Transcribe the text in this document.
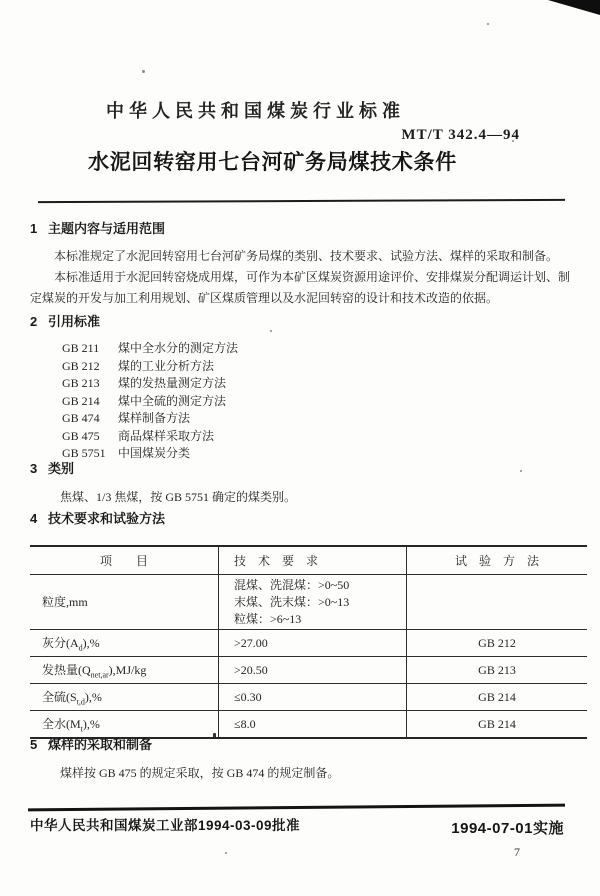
中华人民共和国煤炭行业标准
MT/T 342.4—94
水泥回转窑用七台河矿务局煤技术条件
1 主题内容与适用范围

本标准规定了水泥回转窑用七台河矿务局煤的类别、技术要求、试验方法、煤样的采取和制备。

本标准适用于水泥回转窑烧成用煤，可作为本矿区煤炭资源用途评价、安排煤炭分配调运计划、制定煤炭的开发与加工利用规划、矿区煤质管理以及水泥回转窑的设计和技术改造的依据。

2 引用标准
GB 211 煤中全水分的测定方法
GB 212 煤的工业分析方法
GB 213 煤的发热量测定方法
GB 214 煤中全硫的测定方法
GB 474 煤样制备方法
GB 475 商品煤样采取方法
GB 5751 中国煤炭分类
3 类别
焦煤、1/3 焦煤，按 GB 5751 确定的煤类别。
4 技术要求和试验方法
项　　目	技　术　要　求	试　验　方　法
粒度,mm	混煤、洗混煤：>0~50
末煤、洗末煤：>0~13
粒煤：>6~13	

灰分$(A_d),\%$	>27.00	GB 212
发热量$(Q_{net,ar}),MJ/kg$	>20.50	GB 213
全硫$(S_{t,d}),\%$	≤0.30	GB 214
全水$(M_t),\%$	≤8.0	GB 214
5 煤样的采取和制备
煤样按 GB 475 的规定采取，按 GB 474 的规定制备。
中华人民共和国煤炭工业部1994-03-09批准	1994-07-01实施
7
